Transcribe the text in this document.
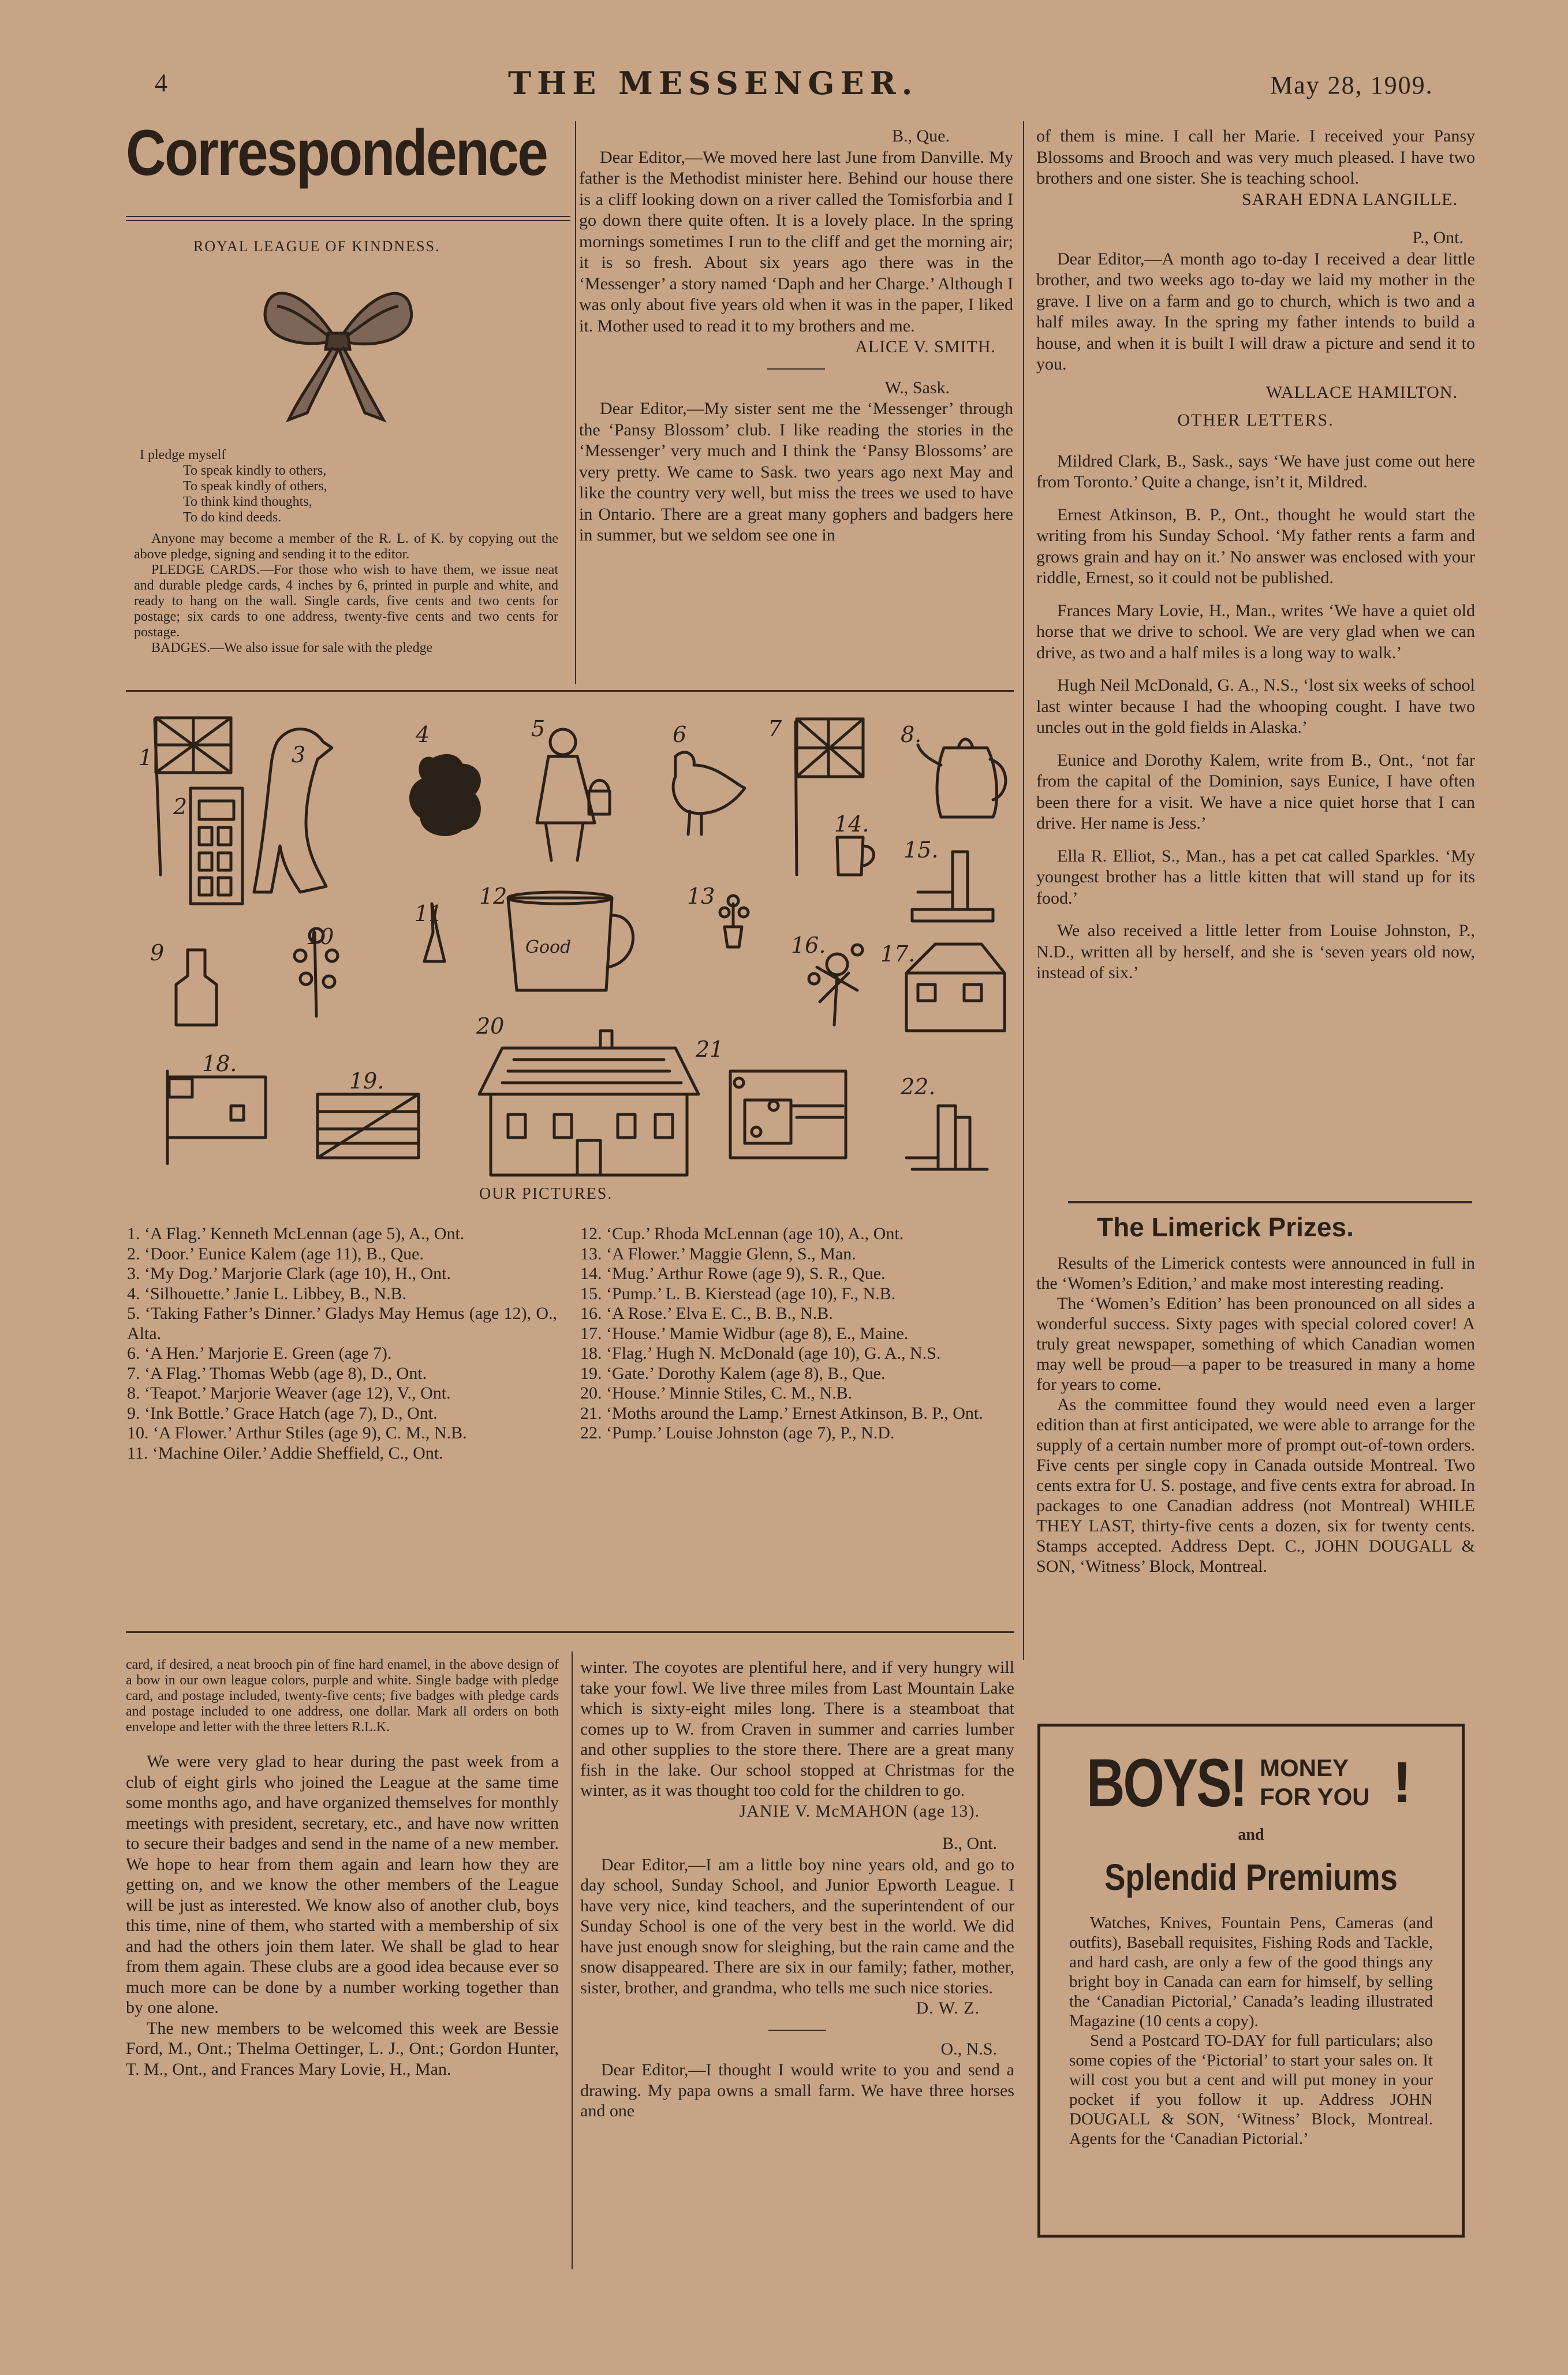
4	THE MESSENGER.	May 28, 1909.
Correspondence
ROYAL LEAGUE OF KINDNESS.
I pledge myself
To speak kindly to others,
To speak kindly of others,
To think kind thoughts,
To do kind deeds.

Anyone may become a member of the R. L. of K. by copying out the above pledge, signing and sending it to the editor.

PLEDGE CARDS.—For those who wish to have them, we issue neat and durable pledge cards, 4 inches by 6, printed in purple and white, and ready to hang on the wall. Single cards, five cents and two cents for postage; six cards to one address, twenty-five cents and two cents for postage.

BADGES.—We also issue for sale with the pledge

B., Que.

Dear Editor,—We moved here last June from Danville. My father is the Methodist minister here. Behind our house there is a cliff looking down on a river called the Tomisforbia and I go down there quite often. It is a lovely place. In the spring mornings sometimes I run to the cliff and get the morning air; it is so fresh. About six years ago there was in the ‘Messenger’ a story named ‘Daph and her Charge.’ Although I was only about five years old when it was in the paper, I liked it. Mother used to read it to my brothers and me.

ALICE V. SMITH.
W., Sask.

Dear Editor,—My sister sent me the ‘Messenger’ through the ‘Pansy Blossom’ club. I like reading the stories in the ‘Messenger’ very much and I think the ‘Pansy Blossoms’ are very pretty. We came to Sask. two years ago next May and like the country very well, but miss the trees we used to have in Ontario. There are a great many gophers and badgers here in summer, but we seldom see one in

of them is mine. I call her Marie. I received your Pansy Blossoms and Brooch and was very much pleased. I have two brothers and one sister. She is teaching school.

SARAH EDNA LANGILLE.
P., Ont.

Dear Editor,—A month ago to-day I received a dear little brother, and two weeks ago to-day we laid my mother in the grave. I live on a farm and go to church, which is two and a half miles away. In the spring my father intends to build a house, and when it is built I will draw a picture and send it to you.

WALLACE HAMILTON.
OTHER LETTERS.

Mildred Clark, B., Sask., says ‘We have just come out here from Toronto.’ Quite a change, isn’t it, Mildred.

Ernest Atkinson, B. P., Ont., thought he would start the writing from his Sunday School. ‘My father rents a farm and grows grain and hay on it.’ No answer was enclosed with your riddle, Ernest, so it could not be published.

Frances Mary Lovie, H., Man., writes ‘We have a quiet old horse that we drive to school. We are very glad when we can drive, as two and a half miles is a long way to walk.’

Hugh Neil McDonald, G. A., N.S., ‘lost six weeks of school last winter because I had the whooping cought. I have two uncles out in the gold fields in Alaska.’

Eunice and Dorothy Kalem, write from B., Ont., ‘not far from the capital of the Dominion, says Eunice, I have often been there for a visit. We have a nice quiet horse that I can drive. Her name is Jess.’

Ella R. Elliot, S., Man., has a pet cat called Sparkles. ‘My youngest brother has a little kitten that will stand up for its food.’

We also received a little letter from Louise Johnston, P., N.D., written all by herself, and she is ‘seven years old now, instead of six.’

1.
2
3
4	5	6	7	8.
9
10
11
12	13
14.
15.
16. 17.
18.
19.
20
21
22.
Good
OUR PICTURES.

1. ‘A Flag.’ Kenneth McLennan (age 5), A., Ont.

2. ‘Door.’ Eunice Kalem (age 11), B., Que.

3. ‘My Dog.’ Marjorie Clark (age 10), H., Ont.

4. ‘Silhouette.’ Janie L. Libbey, B., N.B.

5. ‘Taking Father’s Dinner.’ Gladys May Hemus (age 12), O., Alta.

6. ‘A Hen.’ Marjorie E. Green (age 7).

7. ‘A Flag.’ Thomas Webb (age 8), D., Ont.

8. ‘Teapot.’ Marjorie Weaver (age 12), V., Ont.

9. ‘Ink Bottle.’ Grace Hatch (age 7), D., Ont.

10. ‘A Flower.’ Arthur Stiles (age 9), C. M., N.B.

11. ‘Machine Oiler.’ Addie Sheffield, C., Ont.

12. ‘Cup.’ Rhoda McLennan (age 10), A., Ont.

13. ‘A Flower.’ Maggie Glenn, S., Man.

14. ‘Mug.’ Arthur Rowe (age 9), S. R., Que.

15. ‘Pump.’ L. B. Kierstead (age 10), F., N.B.

16. ‘A Rose.’ Elva E. C., B. B., N.B.

17. ‘House.’ Mamie Widbur (age 8), E., Maine.

18. ‘Flag.’ Hugh N. McDonald (age 10), G. A., N.S.

19. ‘Gate.’ Dorothy Kalem (age 8), B., Que.

20. ‘House.’ Minnie Stiles, C. M., N.B.

21. ‘Moths around the Lamp.’ Ernest Atkinson, B. P., Ont.

22. ‘Pump.’ Louise Johnston (age 7), P., N.D.

The Limerick Prizes.

Results of the Limerick contests were announced in full in the ‘Women’s Edition,’ and make most interesting reading.

The ‘Women’s Edition’ has been pronounced on all sides a wonderful success. Sixty pages with special colored cover! A truly great newspaper, something of which Canadian women may well be proud—a paper to be treasured in many a home for years to come.

As the committee found they would need even a larger edition than at first anticipated, we were able to arrange for the supply of a certain number more of prompt out-of-town orders. Five cents per single copy in Canada outside Montreal. Two cents extra for U. S. postage, and five cents extra for abroad. In packages to one Canadian address (not Montreal) WHILE THEY LAST, thirty-five cents a dozen, six for twenty cents. Stamps accepted. Address Dept. C., JOHN DOUGALL & SON, ‘Witness’ Block, Montreal.

card, if desired, a neat brooch pin of fine hard enamel, in the above design of a bow in our own league colors, purple and white. Single badge with pledge card, and postage included, twenty-five cents; five badges with pledge cards and postage included to one address, one dollar. Mark all orders on both envelope and letter with the three letters R.L.K.

We were very glad to hear during the past week from a club of eight girls who joined the League at the same time some months ago, and have organized themselves for monthly meetings with president, secretary, etc., and have now written to secure their badges and send in the name of a new member. We hope to hear from them again and learn how they are getting on, and we know the other members of the League will be just as interested. We know also of another club, boys this time, nine of them, who started with a membership of six and had the others join them later. We shall be glad to hear from them again. These clubs are a good idea because ever so much more can be done by a number working together than by one alone.

The new members to be welcomed this week are Bessie Ford, M., Ont.; Thelma Oettinger, L. J., Ont.; Gordon Hunter, T. M., Ont., and Frances Mary Lovie, H., Man.

winter. The coyotes are plentiful here, and if very hungry will take your fowl. We live three miles from Last Mountain Lake which is sixty-eight miles long. There is a steamboat that comes up to W. from Craven in summer and carries lumber and other supplies to the store there. There are a great many fish in the lake. Our school stopped at Christmas for the winter, as it was thought too cold for the children to go.

JANIE V. McMAHON (age 13).
B., Ont.

Dear Editor,—I am a little boy nine years old, and go to day school, Sunday School, and Junior Epworth League. I have very nice, kind teachers, and the superintendent of our Sunday School is one of the very best in the world. We did have just enough snow for sleighing, but the rain came and the snow disappeared. There are six in our family; father, mother, sister, brother, and grandma, who tells me such nice stories.

D. W. Z.
O., N.S.

Dear Editor,—I thought I would write to you and send a drawing. My papa owns a small farm. We have three horses and one

BOYS! MONEY
FOR YOU !
and
Splendid Premiums

Watches, Knives, Fountain Pens, Cameras (and outfits), Baseball requisites, Fishing Rods and Tackle, and hard cash, are only a few of the good things any bright boy in Canada can earn for himself, by selling the ‘Canadian Pictorial,’ Canada’s leading illustrated Magazine (10 cents a copy).

Send a Postcard TO-DAY for full particulars; also some copies of the ‘Pictorial’ to start your sales on. It will cost you but a cent and will put money in your pocket if you follow it up. Address JOHN DOUGALL & SON, ‘Witness’ Block, Montreal. Agents for the ‘Canadian Pictorial.’
